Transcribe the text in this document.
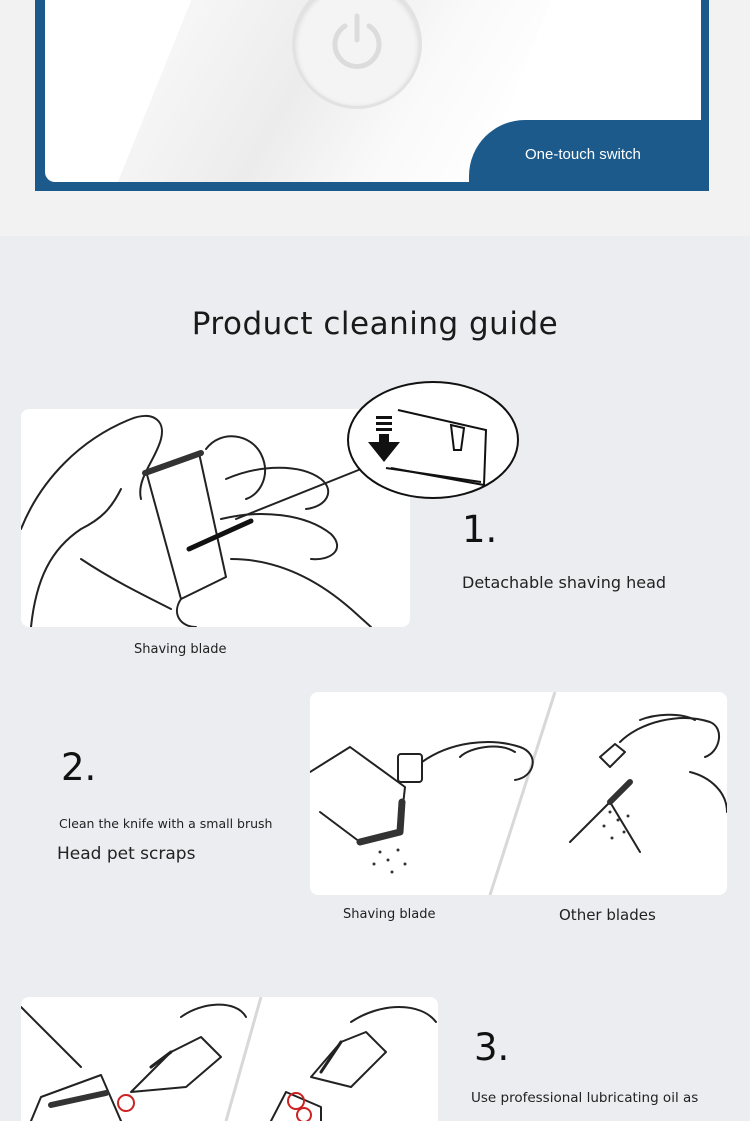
One-touch switch
Product cleaning guide
1.
Detachable shaving head
Shaving blade
2.
Clean the knife with a small brush
Head pet scraps
Shaving blade	Other blades
3.
Use professional lubricating oil as
